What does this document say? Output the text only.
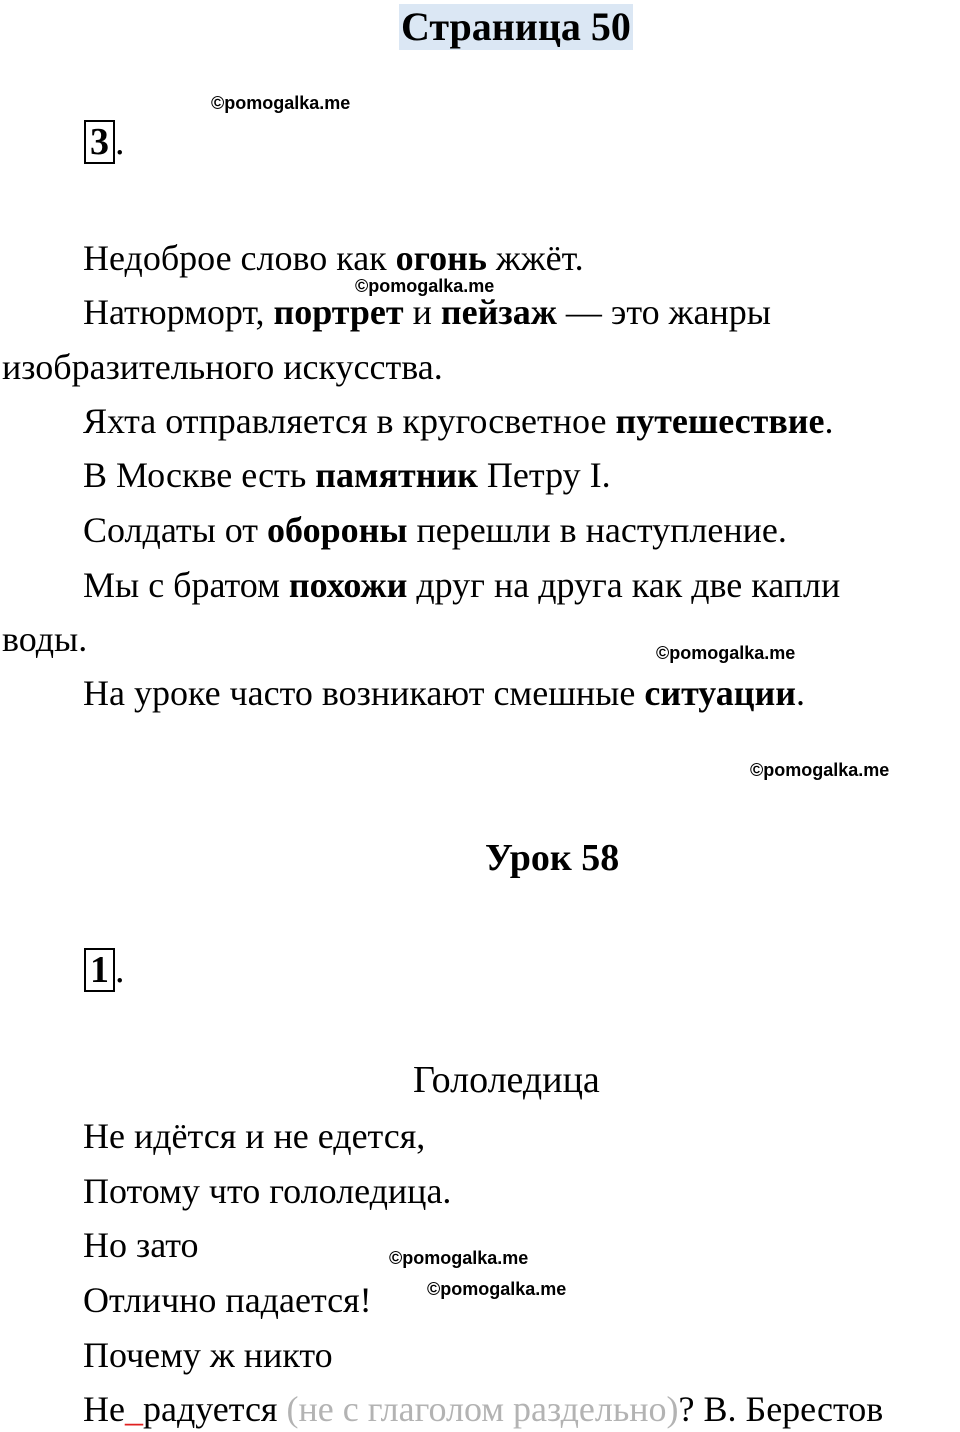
Страница 50
©pomogalka.me
©pomogalka.me
©pomogalka.me
©pomogalka.me
©pomogalka.me
©pomogalka.me
3 .
Недоброе слово как огонь жжёт.
Натюрморт, портрет и пейзаж — это жанры
изобразительного искусства.
Яхта отправляется в кругосветное путешествие.
В Москве есть памятник Петру I.
Солдаты от обороны перешли в наступление.
Мы с братом похожи друг на друга как две капли
воды.
На уроке часто возникают смешные ситуации.
Урок 58
1 .
Гололедица
Не идётся и не едется,
Потому что гололедица.
Но зато
Отлично падается!
Почему ж никто
Не_радуется (не с глаголом раздельно)? В. Берестов
